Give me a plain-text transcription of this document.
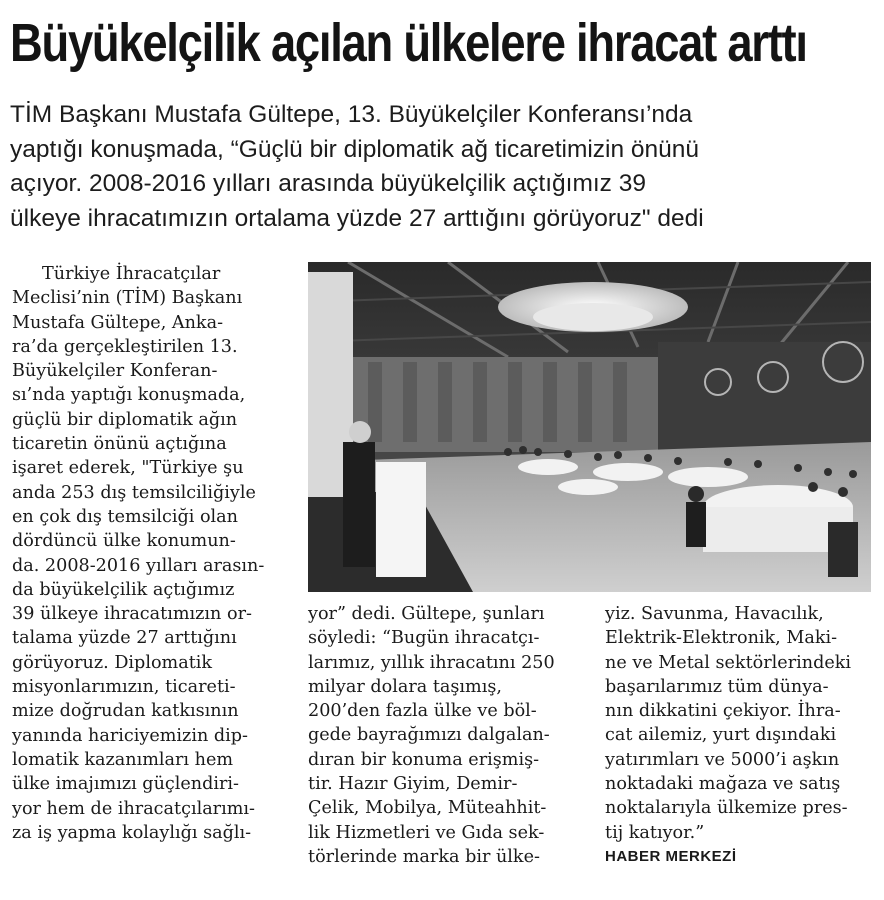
Büyükelçilik açılan ülkelere ihracat arttı
TİM Başkanı Mustafa Gültepe, 13. Büyükelçiler Konferansı’nda
yaptığı konuşmada, “Güçlü bir diplomatik ağ ticaretimizin önünü
açıyor. 2008-2016 yılları arasında büyükelçilik açtığımız 39
ülkeye ihracatımızın ortalama yüzde 27 arttığını görüyoruz" dedi
Türkiye İhracatçılar
Meclisi’nin (TİM) Başkanı
Mustafa Gültepe, Anka-
ra’da gerçekleştirilen 13.
Büyükelçiler Konferan-
sı’nda yaptığı konuşmada,
güçlü bir diplomatik ağın
ticaretin önünü açtığına
işaret ederek, "Türkiye şu
anda 253 dış temsilciliğiyle
en çok dış temsilciği olan
dördüncü ülke konumun-
da. 2008-2016 yılları arasın-
da büyükelçilik açtığımız
39 ülkeye ihracatımızın or-
talama yüzde 27 arttığını
görüyoruz. Diplomatik
misyonlarımızın, ticareti-
mize doğrudan katkısının
yanında hariciyemizin dip-
lomatik kazanımları hem
ülke imajımızı güçlendiri-
yor hem de ihracatçılarımı-
za iş yapma kolaylığı sağlı-
yor” dedi. Gültepe, şunları
söyledi: “Bugün ihracatçı-
larımız, yıllık ihracatını 250
milyar dolara taşımış,
200’den fazla ülke ve böl-
gede bayrağımızı dalgalan-
dıran bir konuma erişmiş-
tir. Hazır Giyim, Demir-
Çelik, Mobilya, Müteahhit-
lik Hizmetleri ve Gıda sek-
törlerinde marka bir ülke-
yiz. Savunma, Havacılık,
Elektrik-Elektronik, Maki-
ne ve Metal sektörlerindeki
başarılarımız tüm dünya-
nın dikkatini çekiyor. İhra-
cat ailemiz, yurt dışındaki
yatırımları ve 5000’i aşkın
noktadaki mağaza ve satış
noktalarıyla ülkemize pres-
tij katıyor.”
HABER MERKEZİ
